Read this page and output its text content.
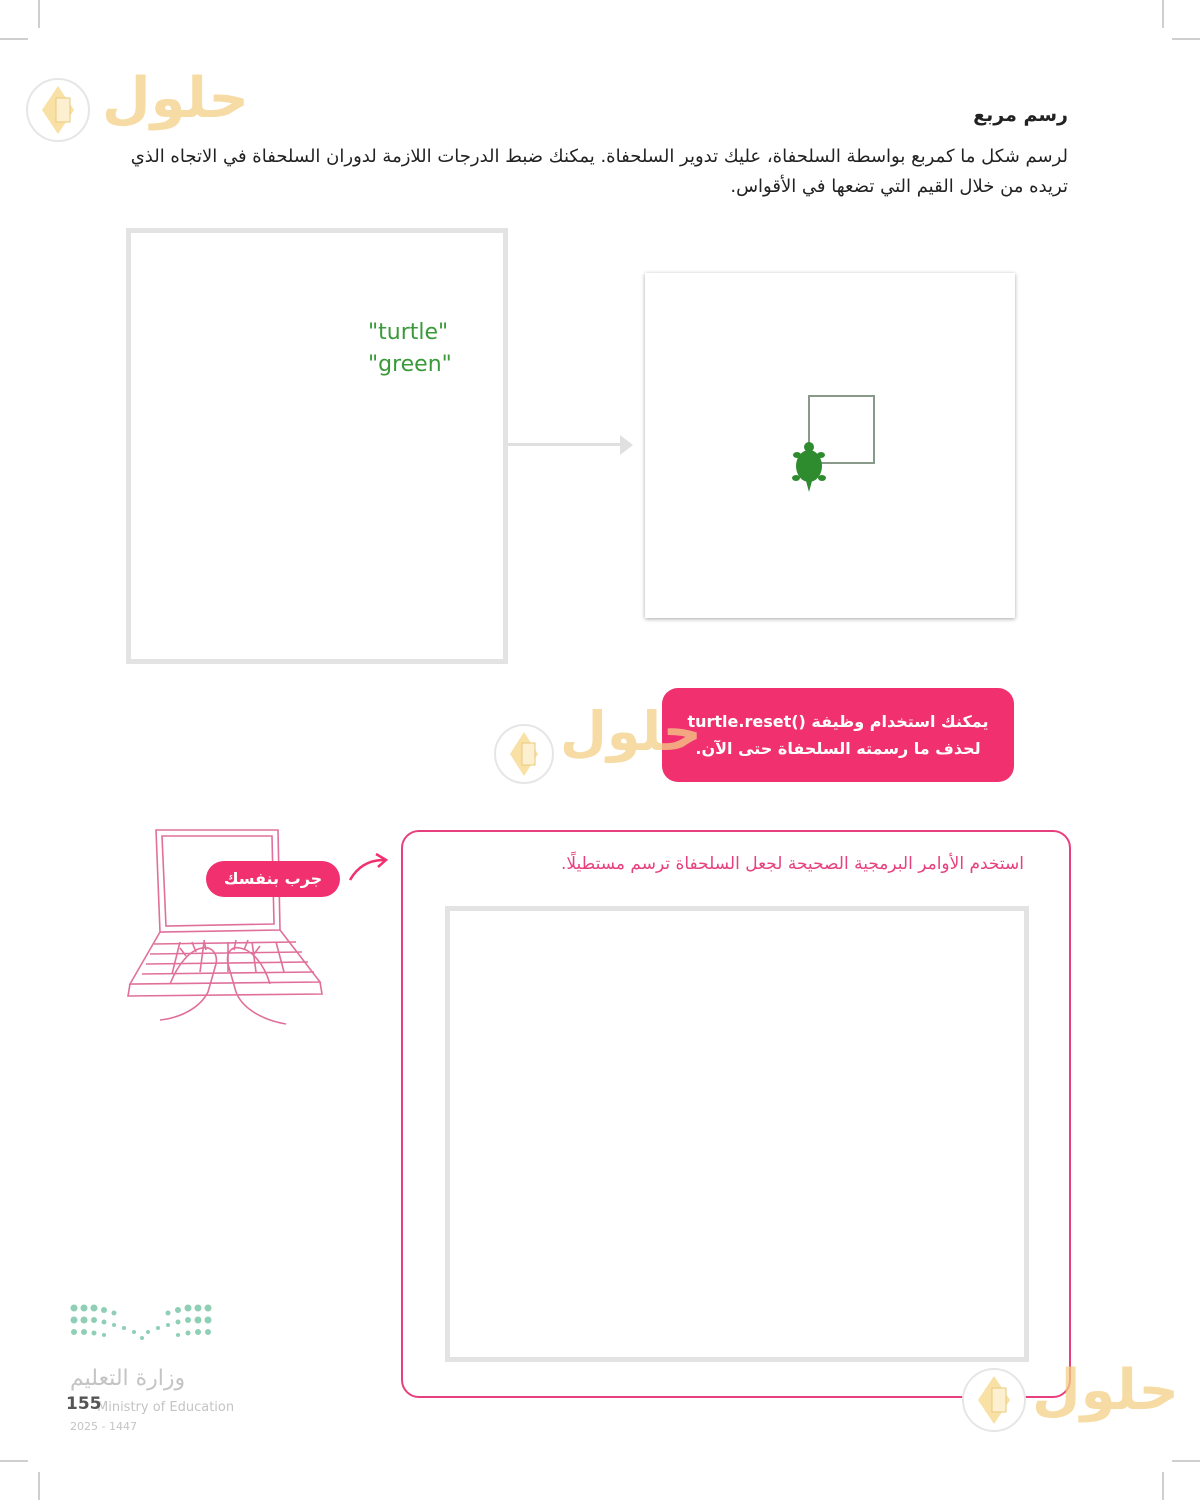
حلول	رسم مربع
لرسم شكل ما كمربع بواسطة السلحفاة، عليك تدوير السلحفاة. يمكنك ضبط الدرجات اللازمة لدوران السلحفاة في الاتجاه الذي تريده من خلال القيم التي تضعها في الأقواس.
"turtle"
"green"
يمكنك استخدام وظيفة ()turtle.reset
لحذف ما رسمته السلحفاة حتى الآن.
حلول
جرب بنفسك
استخدم الأوامر البرمجية الصحيحة لجعل السلحفاة ترسم مستطيلًا.
وزارة التعليم
Ministry of Education
155
2025 - 1447
حلول
